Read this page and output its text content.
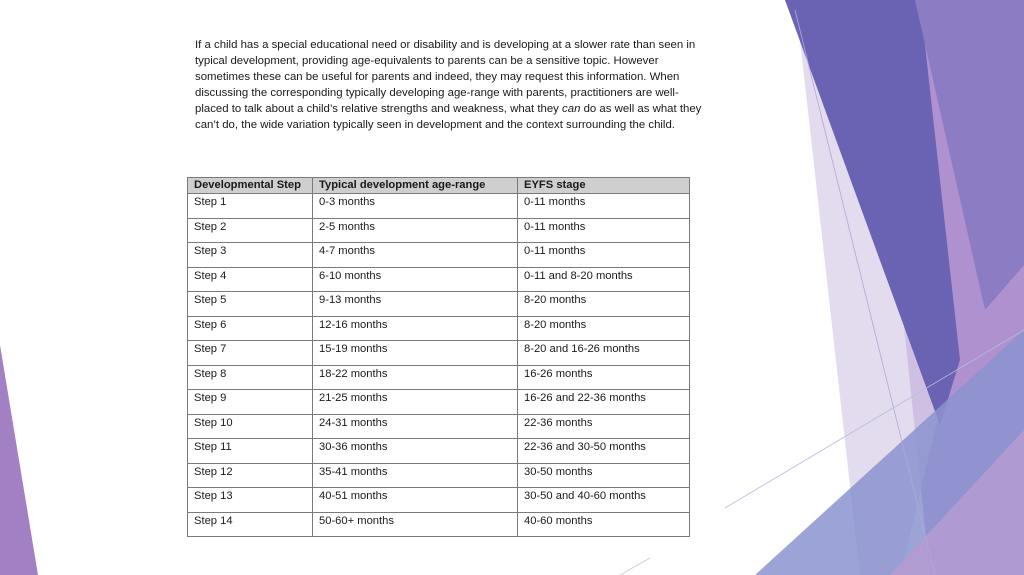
If a child has a special educational need or disability and is developing at a slower rate than seen in typical development, providing age-equivalents to parents can be a sensitive topic. However sometimes these can be useful for parents and indeed, they may request this information. When discussing the corresponding typically developing age-range with parents, practitioners are well-placed to talk about a child’s relative strengths and weakness, what they can do as well as what they can’t do, the wide variation typically seen in development and the context surrounding the child.

Developmental Step	Typical development age-range	EYFS stage
Step 1	0-3 months	0-11 months
Step 2	2-5 months	0-11 months
Step 3	4-7 months	0-11 months
Step 4	6-10 months	0-11 and 8-20 months
Step 5	9-13 months	8-20 months
Step 6	12-16 months	8-20 months
Step 7	15-19 months	8-20 and 16-26 months
Step 8	18-22 months	16-26 months
Step 9	21-25 months	16-26 and 22-36 months
Step 10	24-31 months	22-36 months
Step 11	30-36 months	22-36 and 30-50 months
Step 12	35-41 months	30-50 months
Step 13	40-51 months	30-50 and 40-60 months
Step 14	50-60+ months	40-60 months
